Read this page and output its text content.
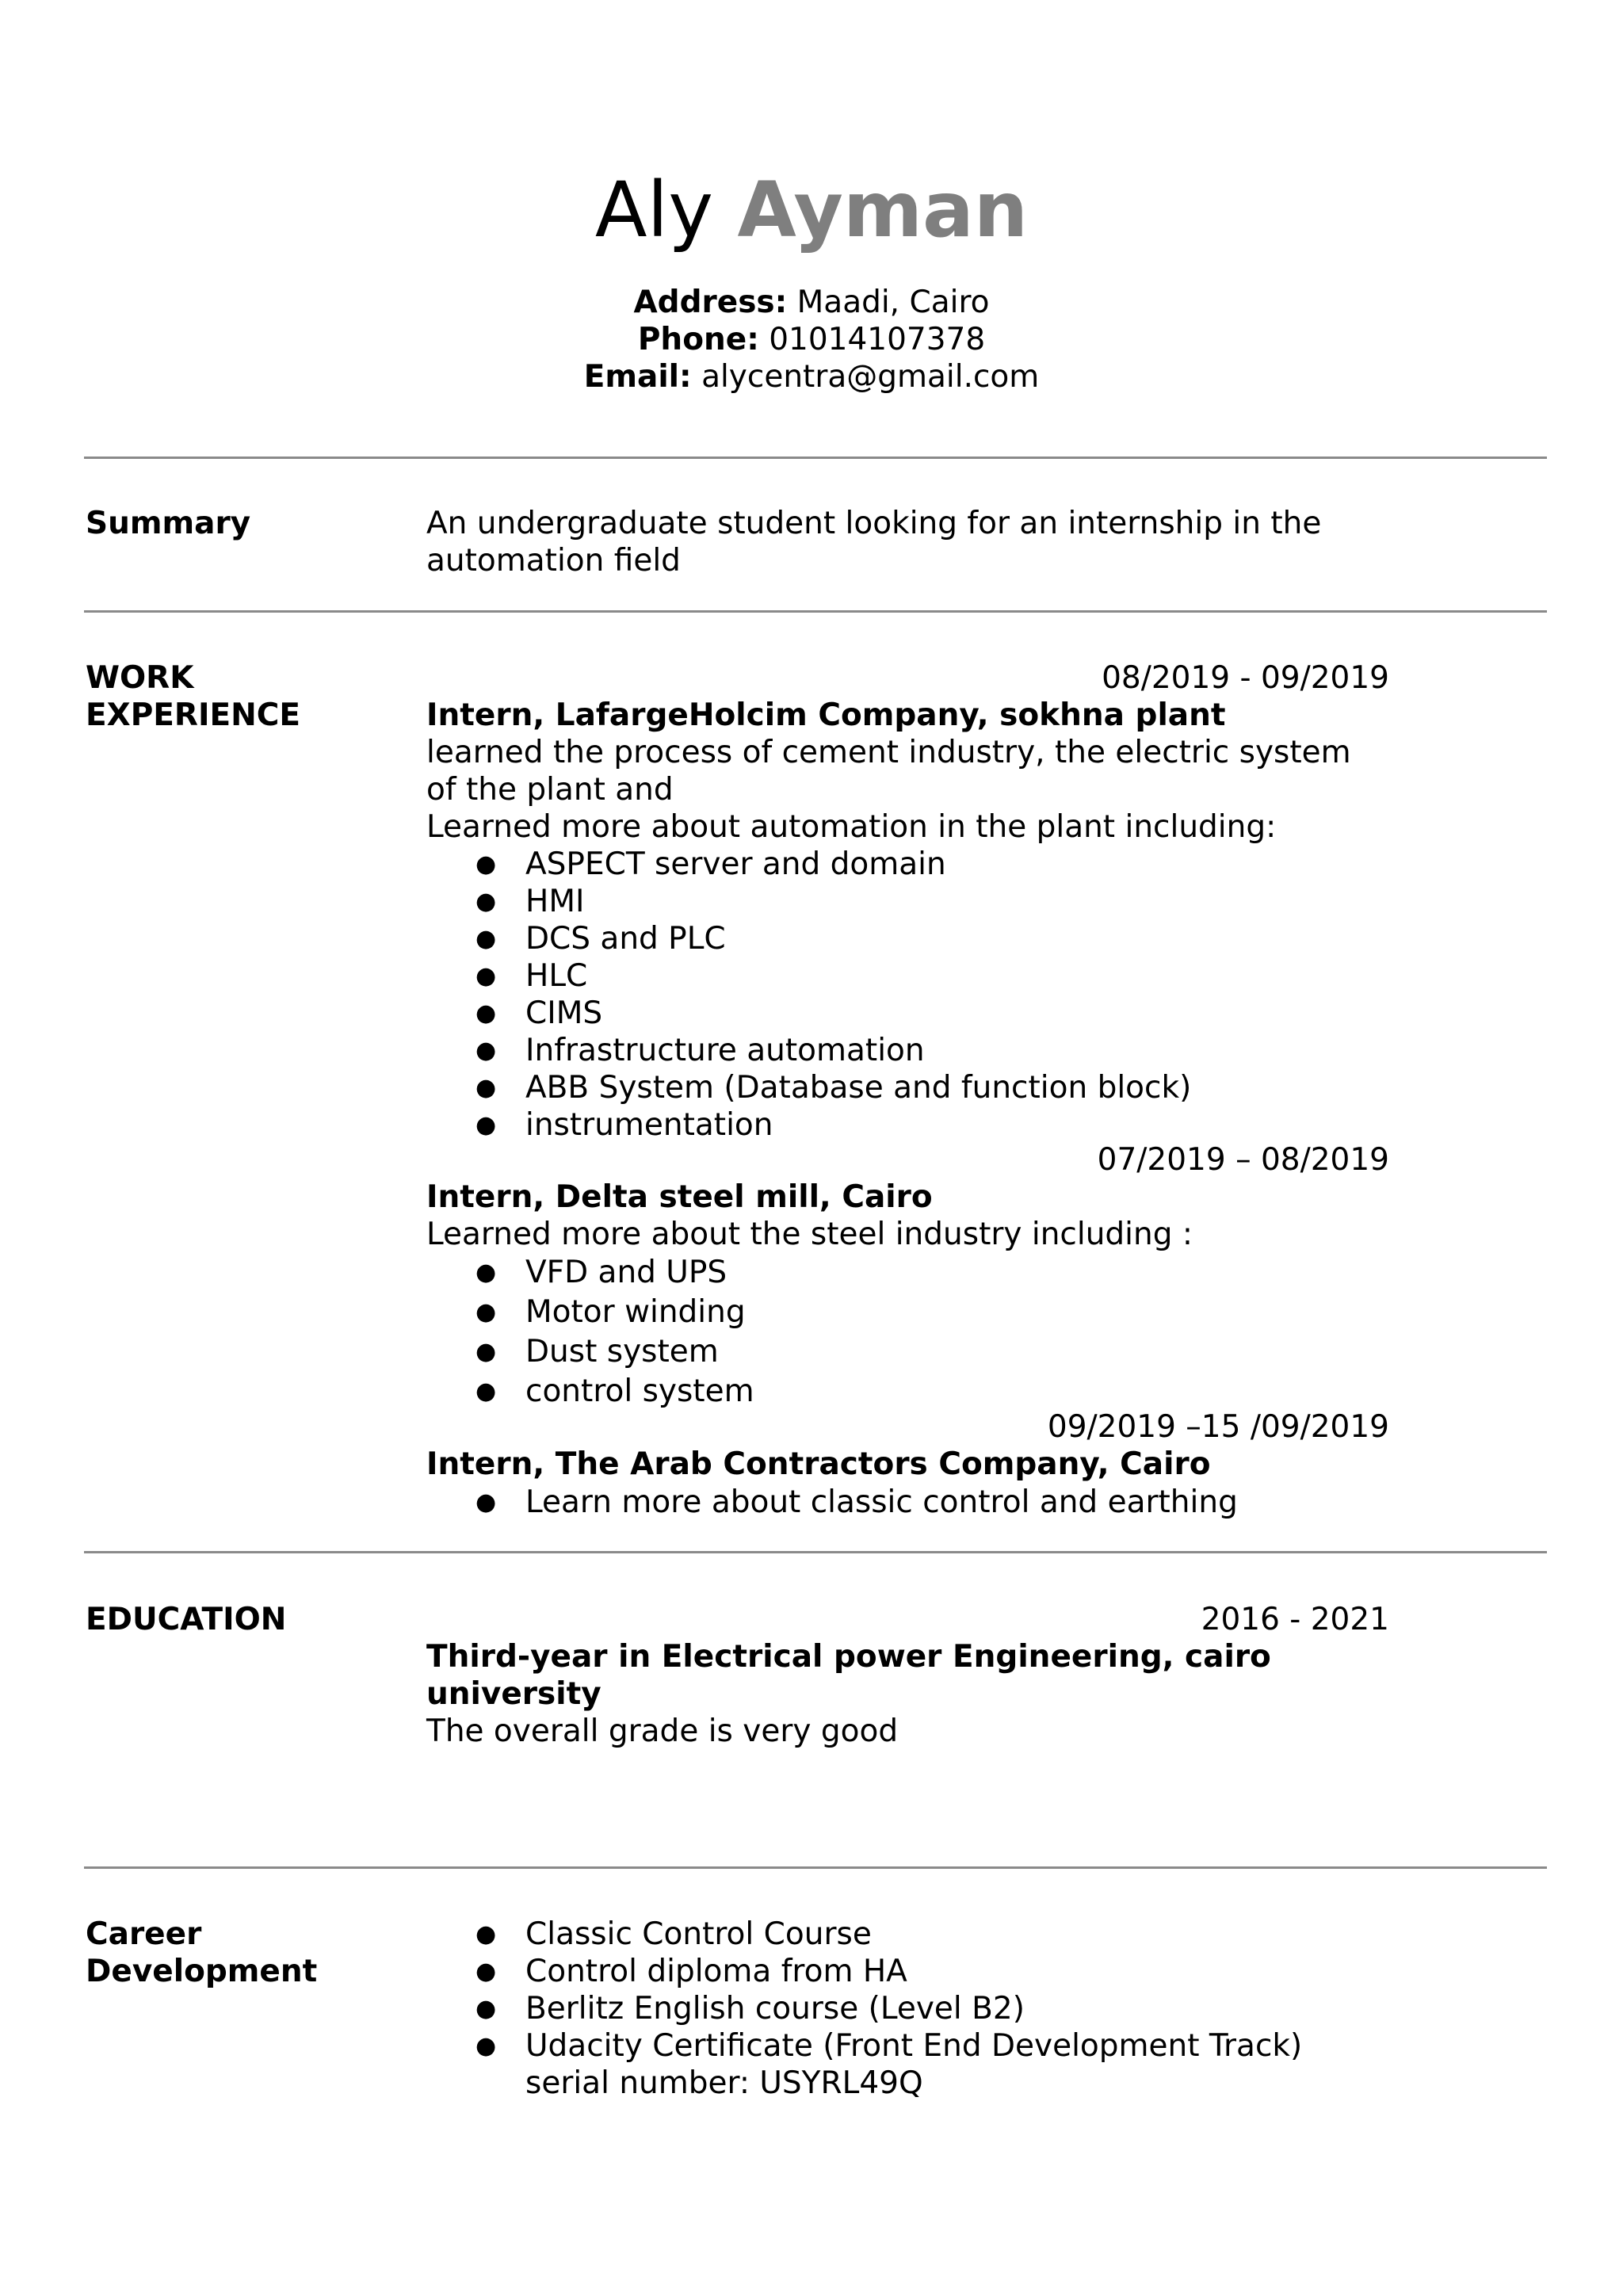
Aly Ayman
Address: Maadi, Cairo
Phone: 01014107378
Email: alycentra@gmail.com
Summary	An undergraduate student looking for an internship in the automation field

WORK
EXPERIENCE
08/2019 - 09/2019
Intern, LafargeHolcim Company, sokhna plant

learned the process of cement industry, the electric system of the plant and

Learned more about automation in the plant including:

● ASPECT server and domain
● HMI
● DCS and PLC
● HLC
● CIMS
● Infrastructure automation
● ABB System (Database and function block)
● instrumentation
07/2019 – 08/2019
Intern, Delta steel mill, Cairo

Learned more about the steel industry including :

● VFD and UPS
● Motor winding
● Dust system
● control system
09/2019 –15 /09/2019
Intern, The Arab Contractors Company, Cairo
● Learn more about classic control and earthing
EDUCATION	2016 - 2021
Third-year in Electrical power Engineering, cairo university

The overall grade is very good

Career
Development
● Classic Control Course
● Control diploma from HA
● Berlitz English course (Level B2)
● Udacity Certificate (Front End Development Track) serial number: USYRL49Q
